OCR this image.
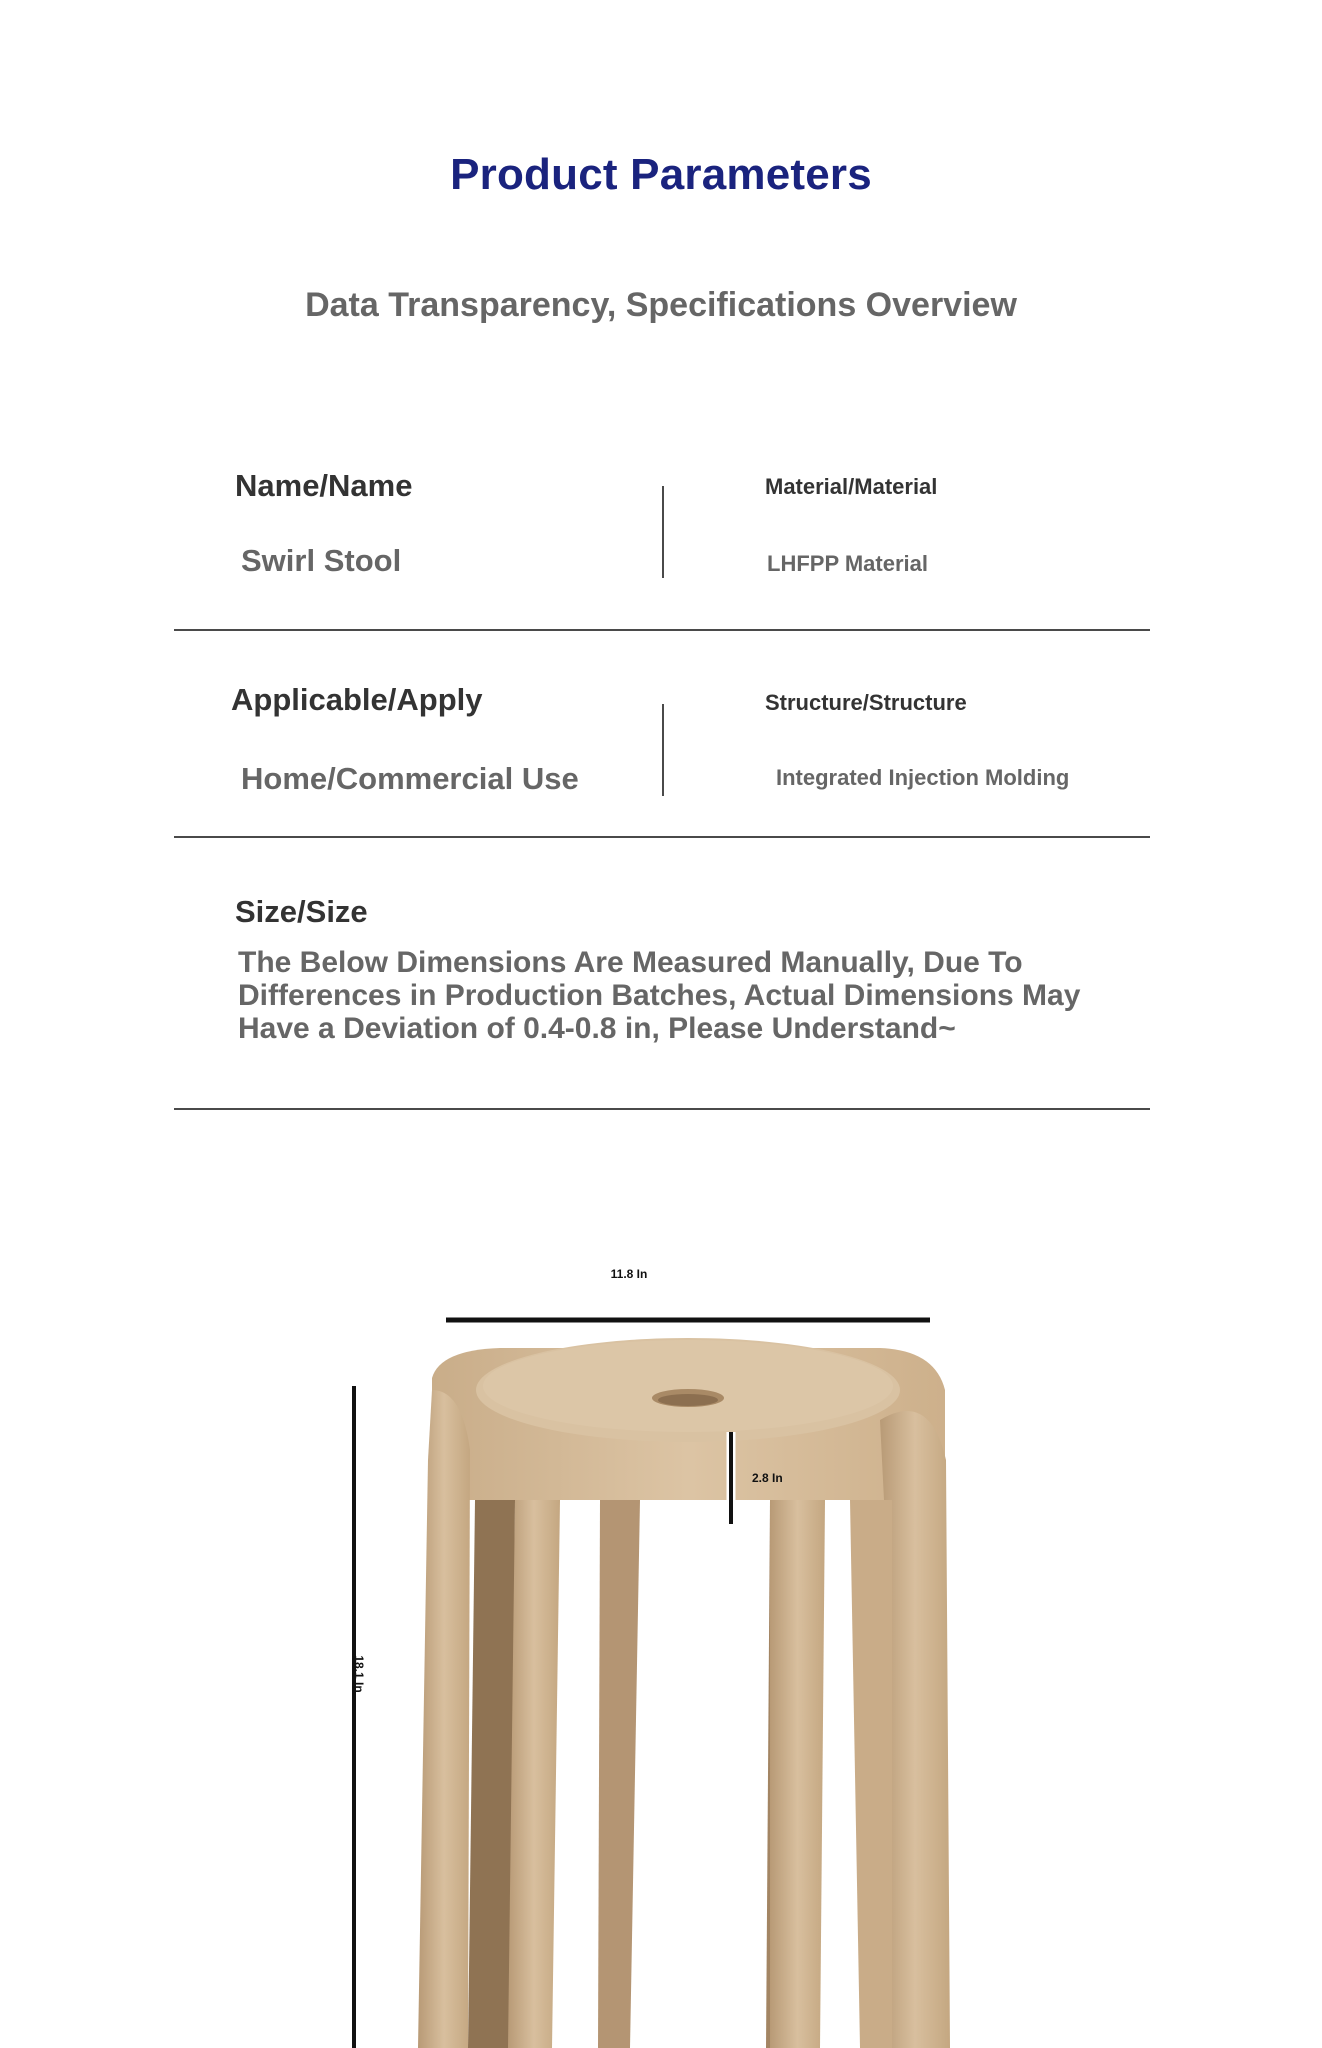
Product Parameters
Data Transparency, Specifications Overview
Name/Name
Swirl Stool
Material/Material
LHFPP Material
Applicable/Apply
Home/Commercial Use
Structure/Structure
Integrated Injection Molding
Size/Size
The Below Dimensions Are Measured Manually, Due To Differences in Production Batches, Actual Dimensions May Have a Deviation of 0.4-0.8 in, Please Understand~
11.8 In
2.8 In
18.1 In
